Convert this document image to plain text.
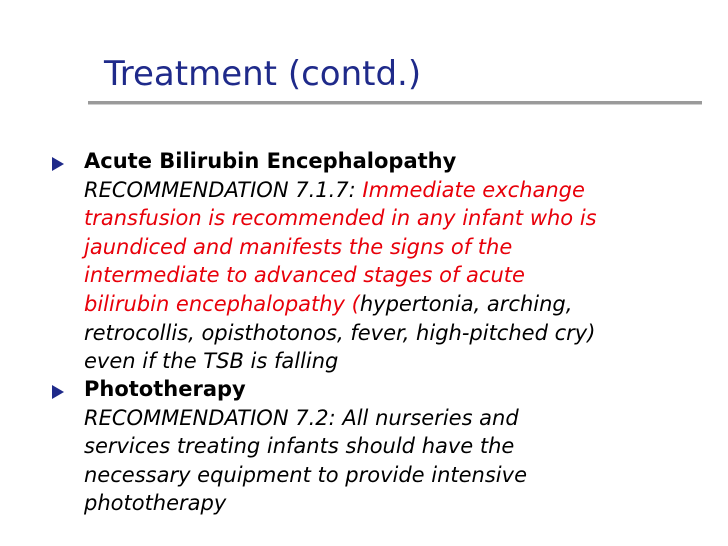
Treatment (contd.)
Acute Bilirubin Encephalopathy
RECOMMENDATION 7.1.7: Immediate exchange
transfusion is recommended in any infant who is
jaundiced and manifests the signs of the
intermediate to advanced stages of acute
bilirubin encephalopathy (hypertonia, arching,
retrocollis, opisthotonos, fever, high-pitched cry)
even if the TSB is falling
Phototherapy
RECOMMENDATION 7.2: All nurseries and
services treating infants should have the
necessary equipment to provide intensive
phototherapy
